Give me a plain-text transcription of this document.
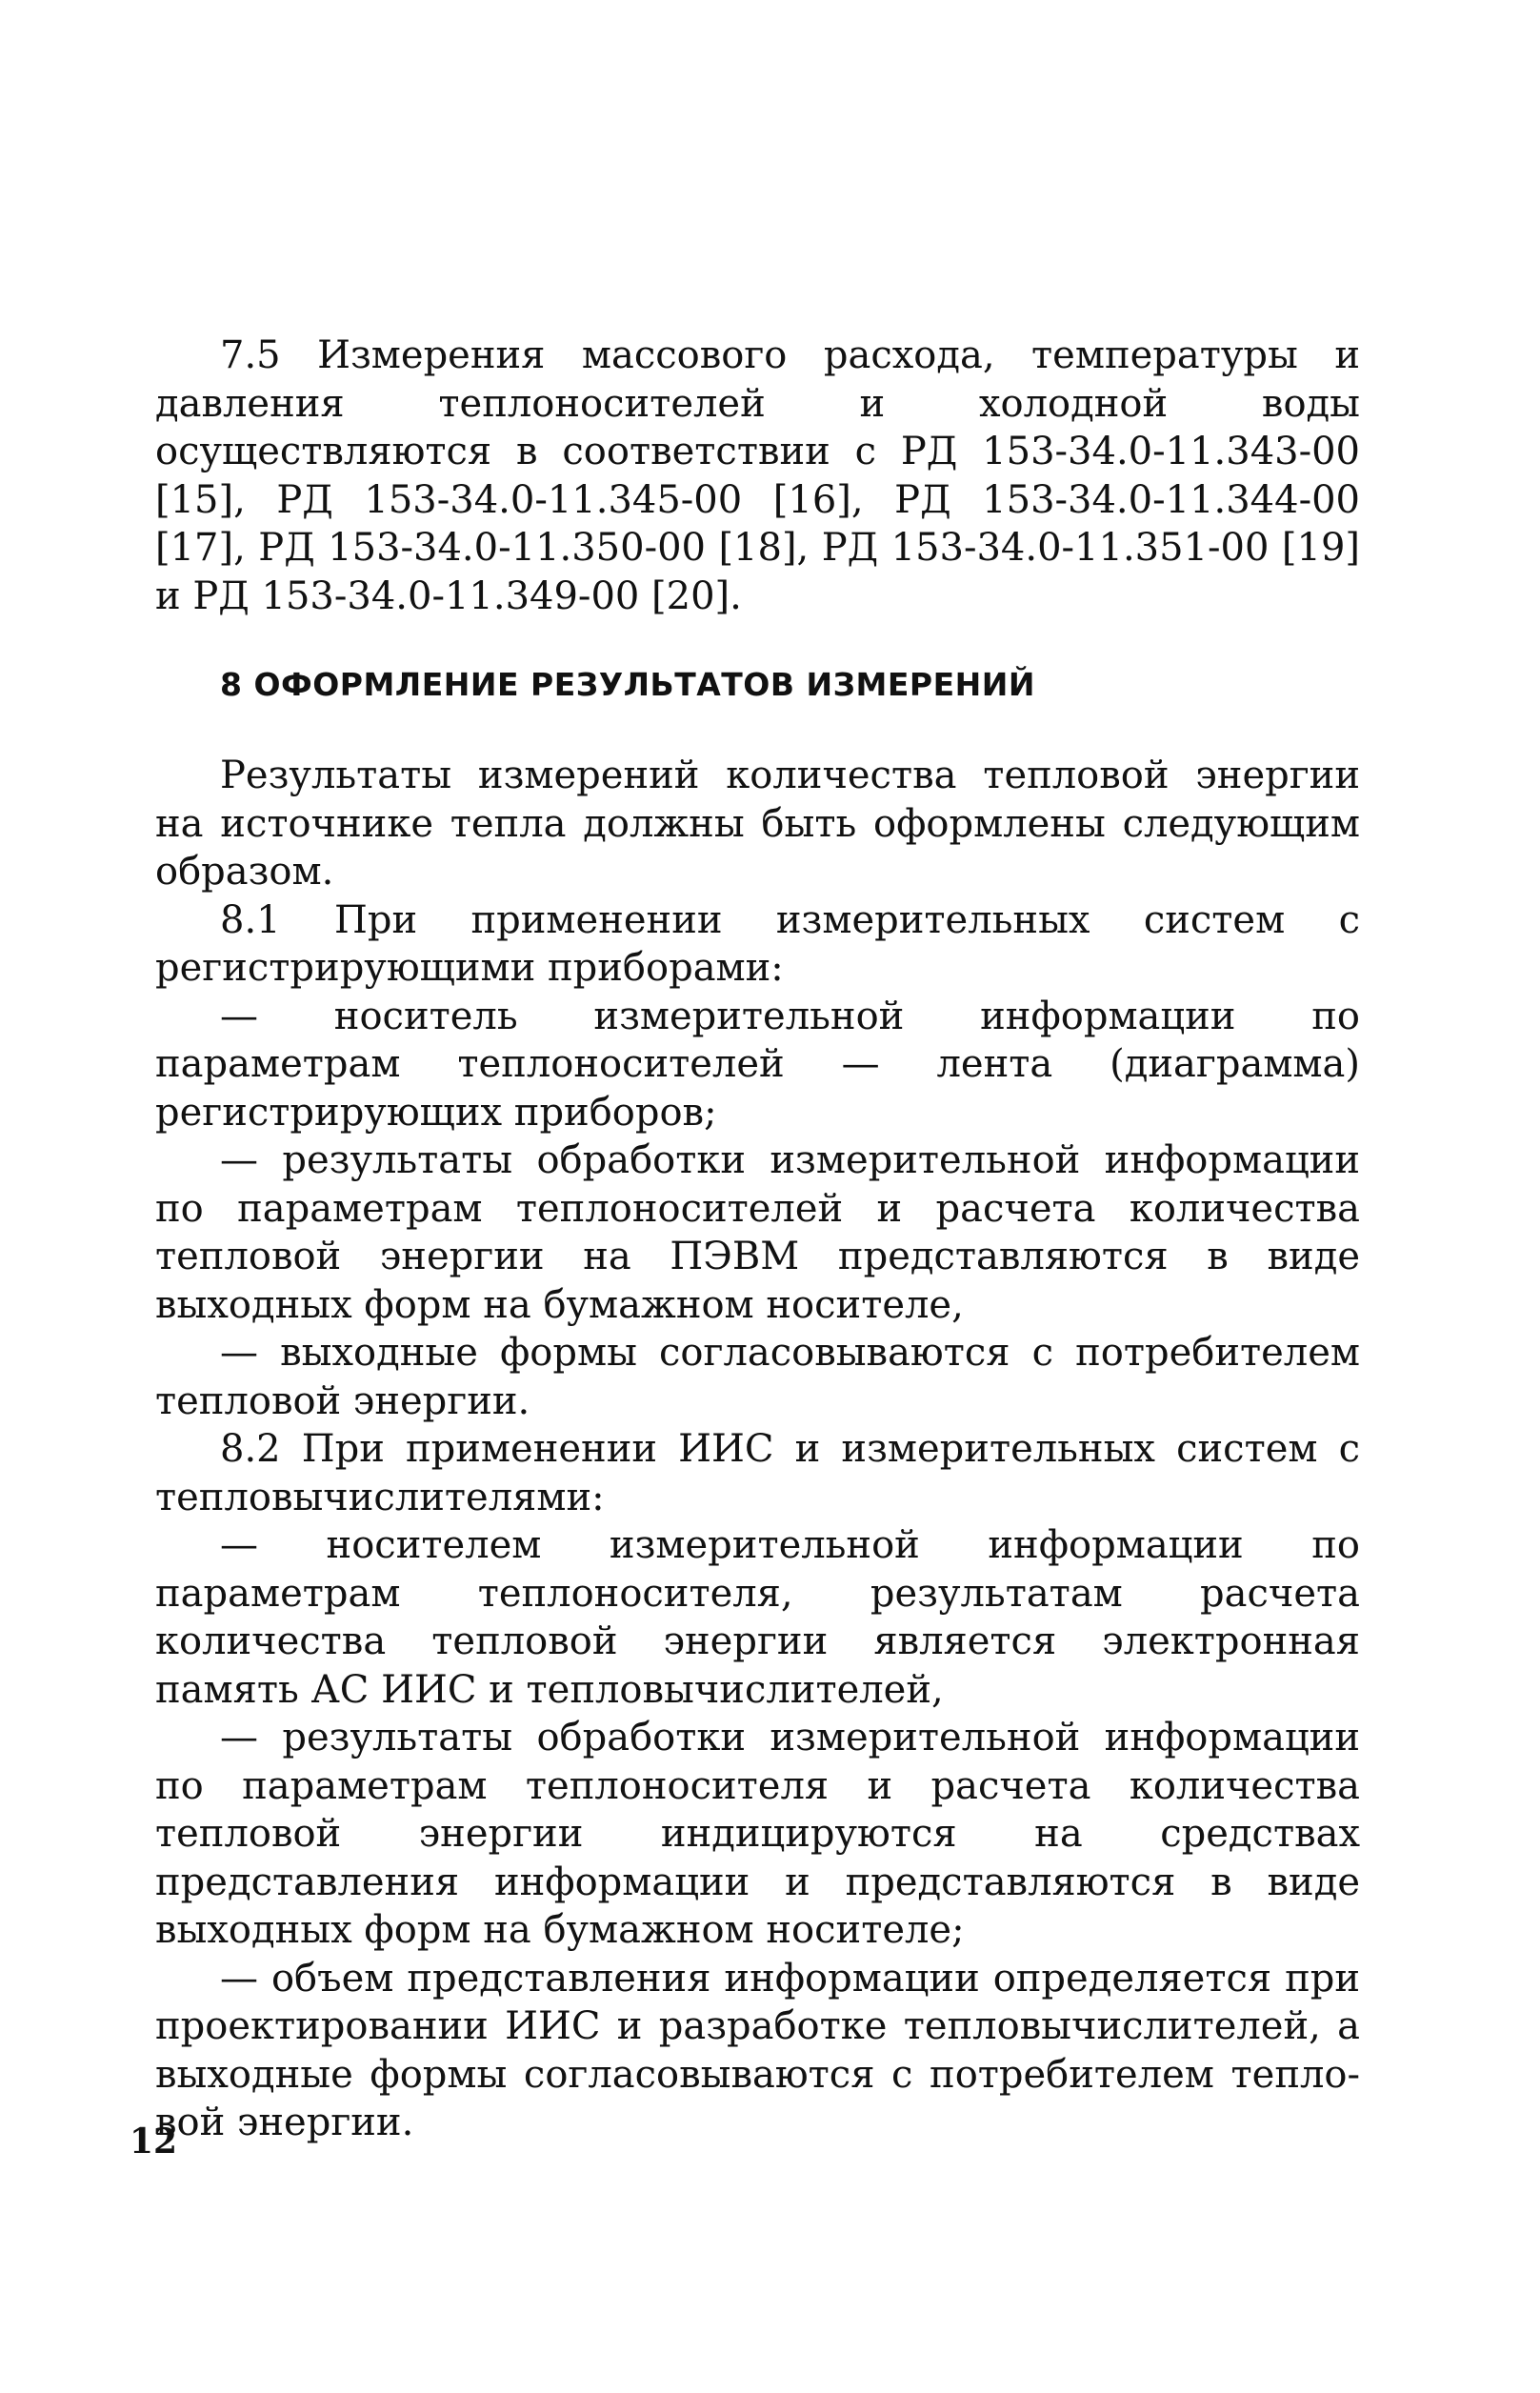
7.5 Измерения массового расхода, температуры и давления теплоносителей и холодной воды осуществляются в соответствии с РД 153-34.0-11.343-00 [15], РД 153-34.0-11.345-00 [16], РД 153-34.0-11.344-00 [17], РД 153-34.0-11.350-00 [18], РД 153-34.0-11.351-00 [19] и РД 153-34.0-11.349-00 [20].

8 ОФОРМЛЕНИЕ РЕЗУЛЬТАТОВ ИЗМЕРЕНИЙ

Результаты измерений количества тепловой энергии на источнике тепла должны быть оформлены следующим образом.

8.1 При применении измерительных систем с регистрирующими приборами:

— носитель измерительной информации по параметрам теплоносителей — лента (диаграмма) регистрирующих приборов;

— результаты обработки измерительной информации по параметрам теплоносителей и расчета количества тепловой энергии на ПЭВМ представляются в виде выходных форм на бумажном носителе,

— выходные формы согласовываются с потребителем тепловой энергии.

8.2 При применении ИИС и измерительных систем с тепловычислителями:

— носителем измерительной информации по параметрам теплоносителя, результатам расчета количества тепловой энергии является электронная память АС ИИС и тепловычислителей,

— результаты обработки измерительной информации по параметрам теплоносителя и расчета количества тепловой энергии индицируются на средствах представления информации и представляются в виде выходных форм на бумажном носителе;

— объем представления информации определяется при проектировании ИИС и разработке тепловычислителей, а выходные формы согласовываются с потребителем тепловой энергии.

12
